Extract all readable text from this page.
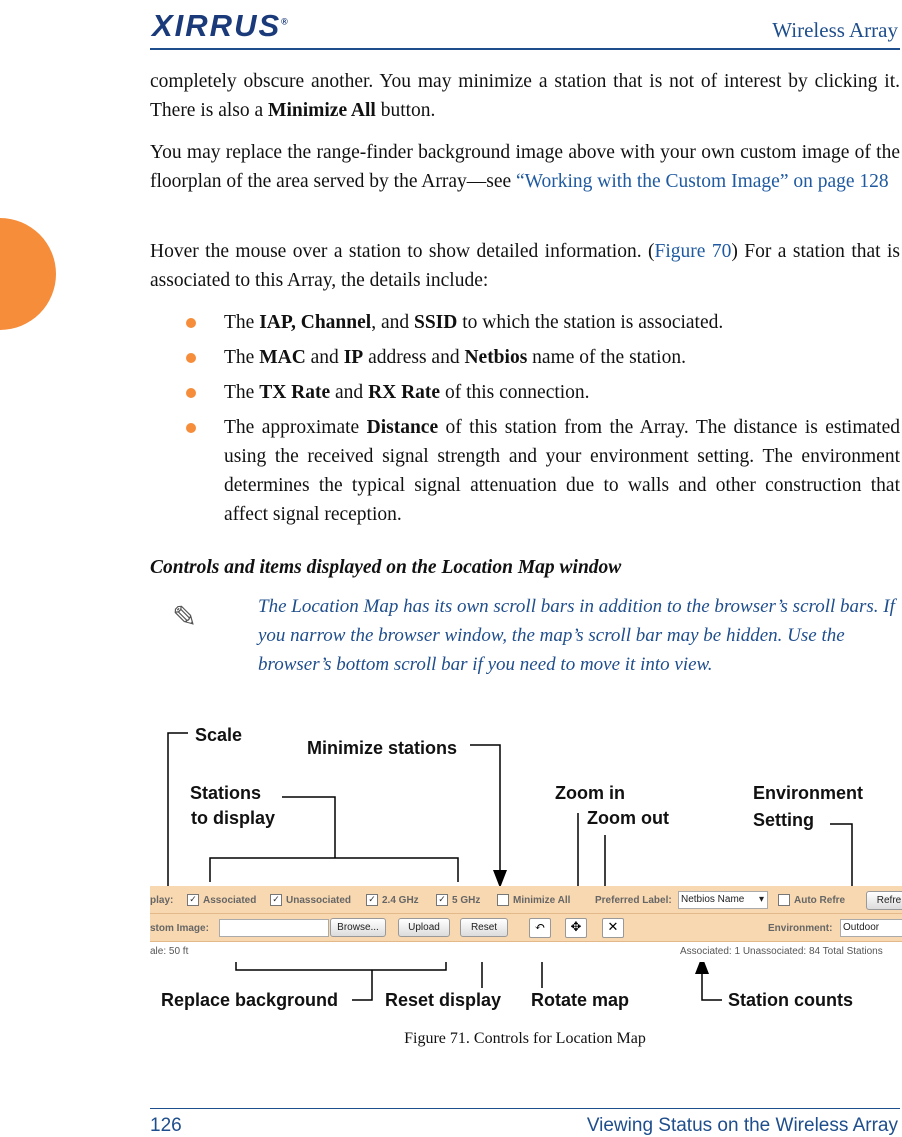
XIRRUS®	Wireless Array

completely obscure another. You may minimize a station that is not of interest by clicking it. There is also a Minimize All button.

You may replace the range-finder background image above with your own custom image of the floorplan of the area served by the Array—see “Working with the Custom Image” on page 128

Hover the mouse over a station to show detailed information. (Figure 70) For a station that is associated to this Array, the details include:

The IAP, Channel, and SSID to which the station is associated.
The MAC and IP address and Netbios name of the station.
The TX Rate and RX Rate of this connection.
The approximate Distance of this station from the Array. The distance is estimated using the received signal strength and your environment setting. The environment determines the typical signal attenuation due to walls and other construction that affect signal reception.
Controls and items displayed on the Location Map window
✎	The Location Map has its own scroll bars in addition to the browser’s scroll bars. If you narrow the browser window, the map’s scroll bar may be hidden. Use the browser’s bottom scroll bar if you need to move it into view.

Scale
Minimize stations
Stations
to display
Zoom in
Zoom out
Environment
Setting
Replace background	Reset display Rotate map	Station counts
play: ✓ Associated ✓ Unassociated ✓ 2.4 GHz ✓ 5 GHz	Minimize All Preferred Label: Netbios Name ▾	Auto Refre	Refre
stom Image:	Browse...	Upload	Reset	↶	✥	✕	Environment:	Outdoor
ale: 50 ft	Associated: 1 Unassociated: 84 Total Stations
Figure 71. Controls for Location Map
126	Viewing Status on the Wireless Array
